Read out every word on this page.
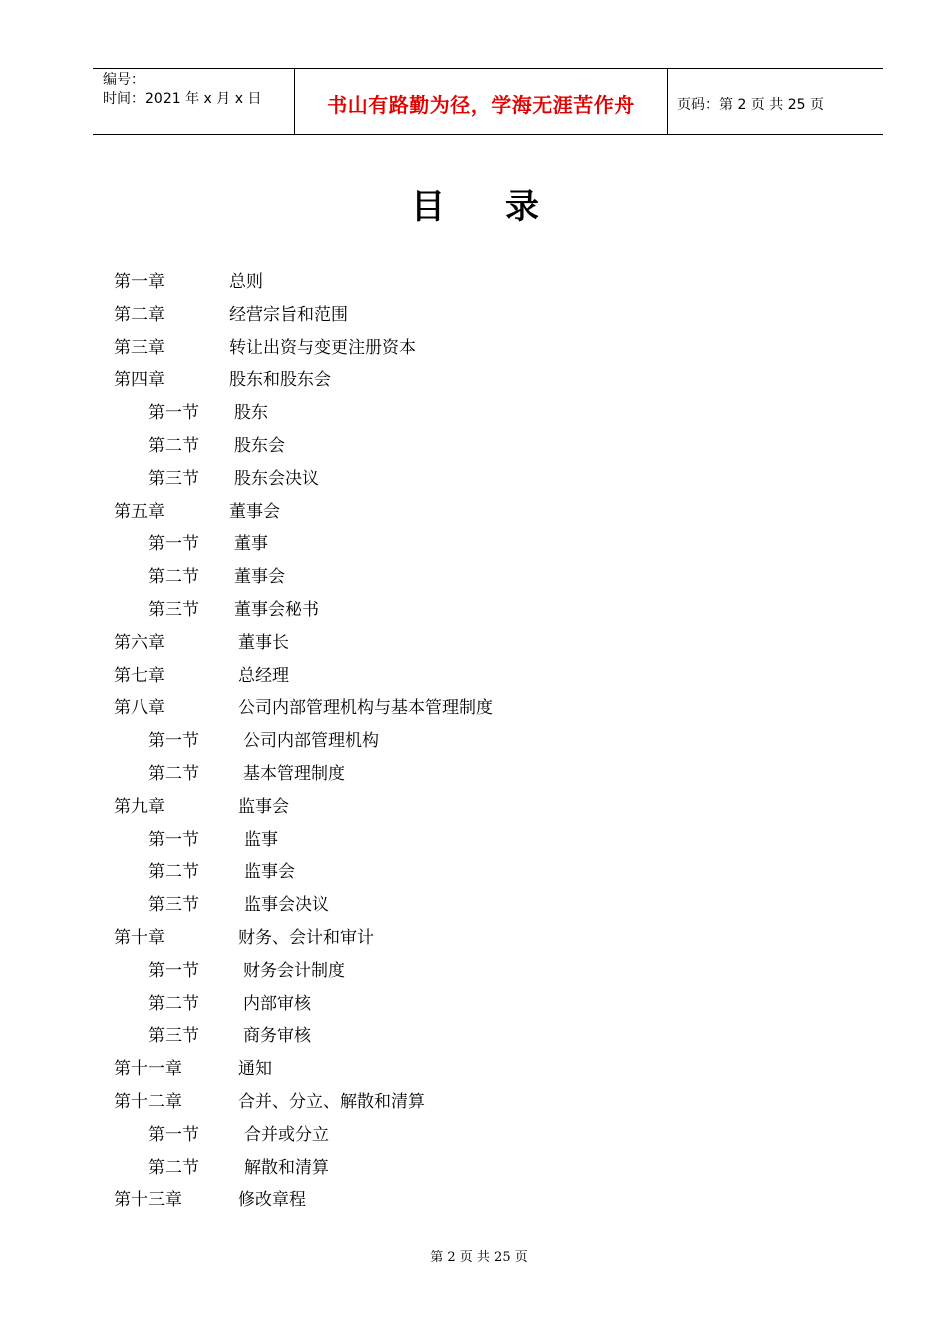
编号：
时间：2021 年 x 月 x 日	书山有路勤为径，学海无涯苦作舟	页码：第 2 页 共 25 页
目 录
第一章	总则
第二章	经营宗旨和范围
第三章	转让出资与变更注册资本
第四章	股东和股东会
第一节 股东
第二节 股东会
第三节 股东会决议
第五章	董事会
第一节 董事
第二节 董事会
第三节 董事会秘书
第六章	董事长
第七章	总经理
第八章	公司内部管理机构与基本管理制度
第一节	公司内部管理机构
第二节	基本管理制度
第九章	监事会
第一节	监事
第二节	监事会
第三节	监事会决议
第十章	财务、会计和审计
第一节	财务会计制度
第二节	内部审核
第三节	商务审核
第十一章	通知
第十二章	合并、分立、解散和清算
第一节	合并或分立
第二节	解散和清算
第十三章	修改章程
第 2 页 共 25 页
